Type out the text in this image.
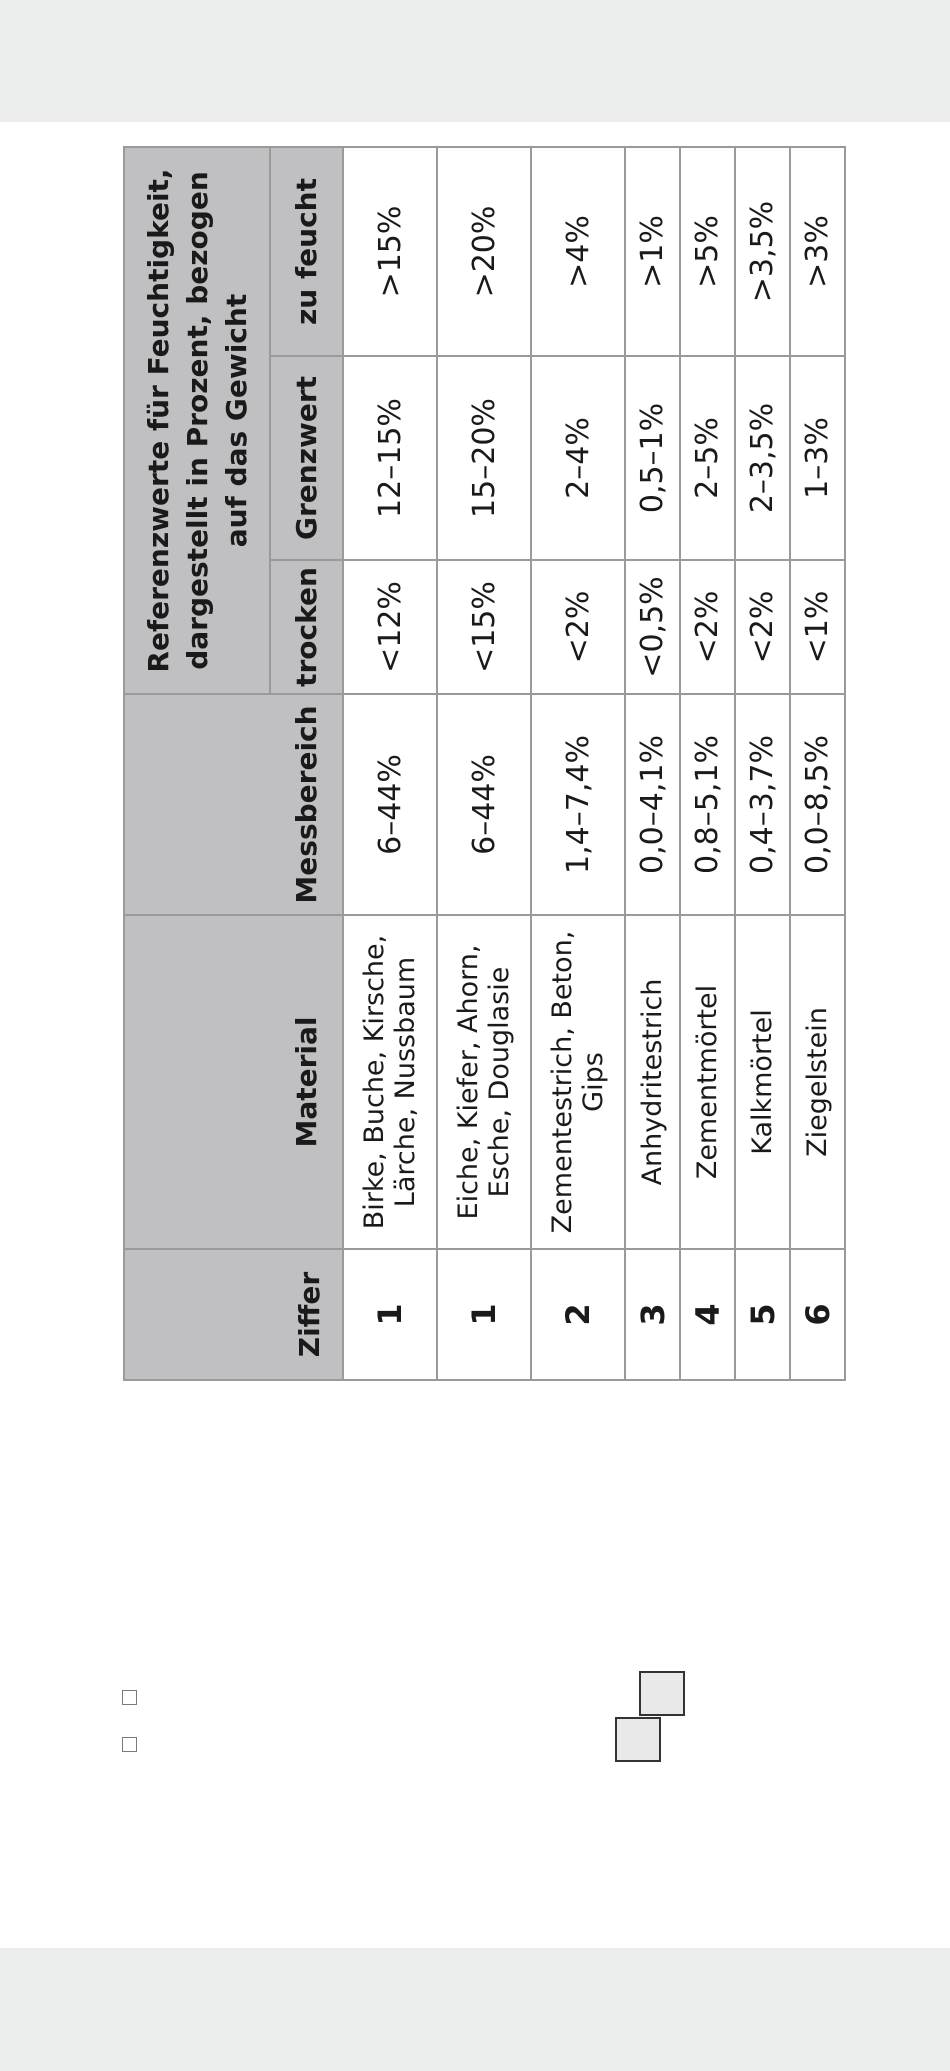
Ziffer			Referenzwerte für Feuchtigkeit, dargestellt in Prozent, bezogen auf das Gewicht		
	Material	Messbereich	trocken	Grenzwert	zu feucht
1	Birke, Buche, Kirsche, Lärche, Nussbaum	6–44%	<12%	12–15%	>15%
1	Eiche, Kiefer, Ahorn, Esche, Douglasie	6–44%	<15%	15–20%	>20%
2	Zementestrich, Beton, Gips	1,4–7,4%	<2%	2–4%	>4%
3	Anhydritestrich	0,0–4,1%	<0,5%	0,5–1%	>1%
4	Zementmörtel	0,8–5,1%	<2%	2–5%	>5%
5	Kalkmörtel	0,4–3,7%	<2%	2–3,5%	>3,5%
6	Ziegelstein	0,0–8,5%	<1%	1–3%	>3%
